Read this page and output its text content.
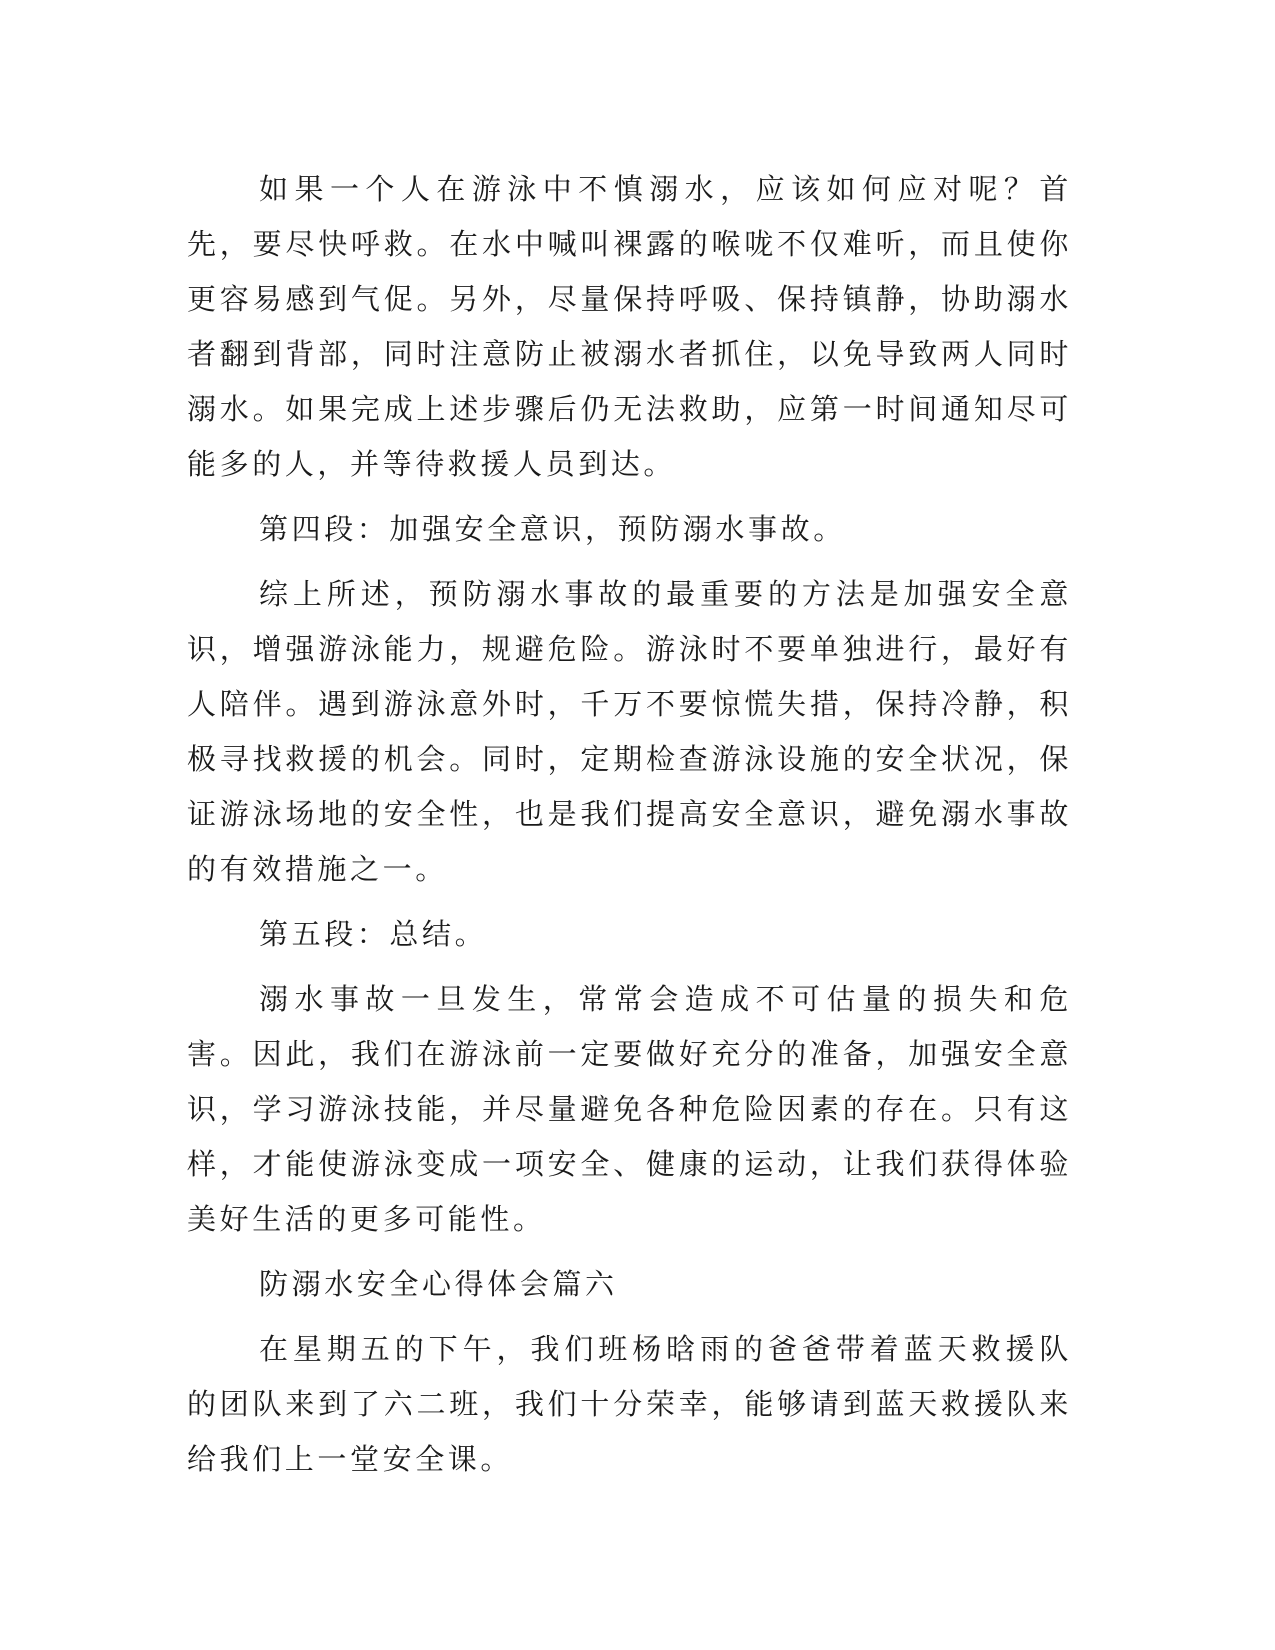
如果一个人在游泳中不慎溺水，应该如何应对呢？首先，要尽快呼救。在水中喊叫裸露的喉咙不仅难听，而且使你更容易感到气促。另外，尽量保持呼吸、保持镇静，协助溺水者翻到背部，同时注意防止被溺水者抓住，以免导致两人同时溺水。如果完成上述步骤后仍无法救助，应第一时间通知尽可能多的人，并等待救援人员到达。

第四段：加强安全意识，预防溺水事故。

综上所述，预防溺水事故的最重要的方法是加强安全意识，增强游泳能力，规避危险。游泳时不要单独进行，最好有人陪伴。遇到游泳意外时，千万不要惊慌失措，保持冷静，积极寻找救援的机会。同时，定期检查游泳设施的安全状况，保证游泳场地的安全性，也是我们提高安全意识，避免溺水事故的有效措施之一。

第五段：总结。

溺水事故一旦发生，常常会造成不可估量的损失和危害。因此，我们在游泳前一定要做好充分的准备，加强安全意识，学习游泳技能，并尽量避免各种危险因素的存在。只有这样，才能使游泳变成一项安全、健康的运动，让我们获得体验美好生活的更多可能性。

防溺水安全心得体会篇六

在星期五的下午，我们班杨晗雨的爸爸带着蓝天救援队的团队来到了六二班，我们十分荣幸，能够请到蓝天救援队来给我们上一堂安全课。
